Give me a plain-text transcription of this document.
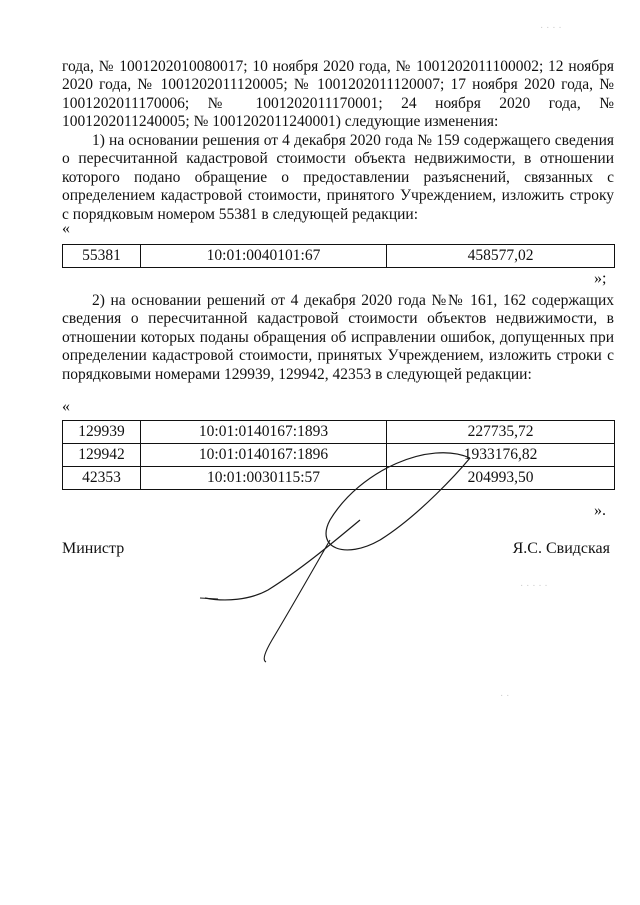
· · · ·
· · · · ·
· ·

года, № 1001202010080017; 10 ноября 2020 года, № 1001202011100002; 12 ноября 2020 года, № 1001202011120005; № 1001202011120007; 17 ноября 2020 года, № 1001202011170006; № 1001202011170001; 24 ноября 2020 года, № 1001202011240005; № 1001202011240001) следующие изменения:

1) на основании решения от 4 декабря 2020 года № 159 содержащего сведения о пересчитанной кадастровой стоимости объекта недвижимости, в отношении которого подано обращение о предоставлении разъяснений, связанных с определением кадастровой стоимости, принятого Учреждением, изложить строку с порядковым номером 55381 в следующей редакции:

«
55381	10:01:0040101:67	458577,02
»;

2) на основании решений от 4 декабря 2020 года №№ 161, 162 содержащих сведения о пересчитанной кадастровой стоимости объектов недвижимости, в отношении которых поданы обращения об исправлении ошибок, допущенных при определении кадастровой стоимости, принятых Учреждением, изложить строки с порядковыми номерами 129939, 129942, 42353 в следующей редакции:

«
129939	10:01:0140167:1893	227735,72
129942	10:01:0140167:1896	1933176,82
42353	10:01:0030115:57	204993,50
».
Министр	Я.С. Свидская
